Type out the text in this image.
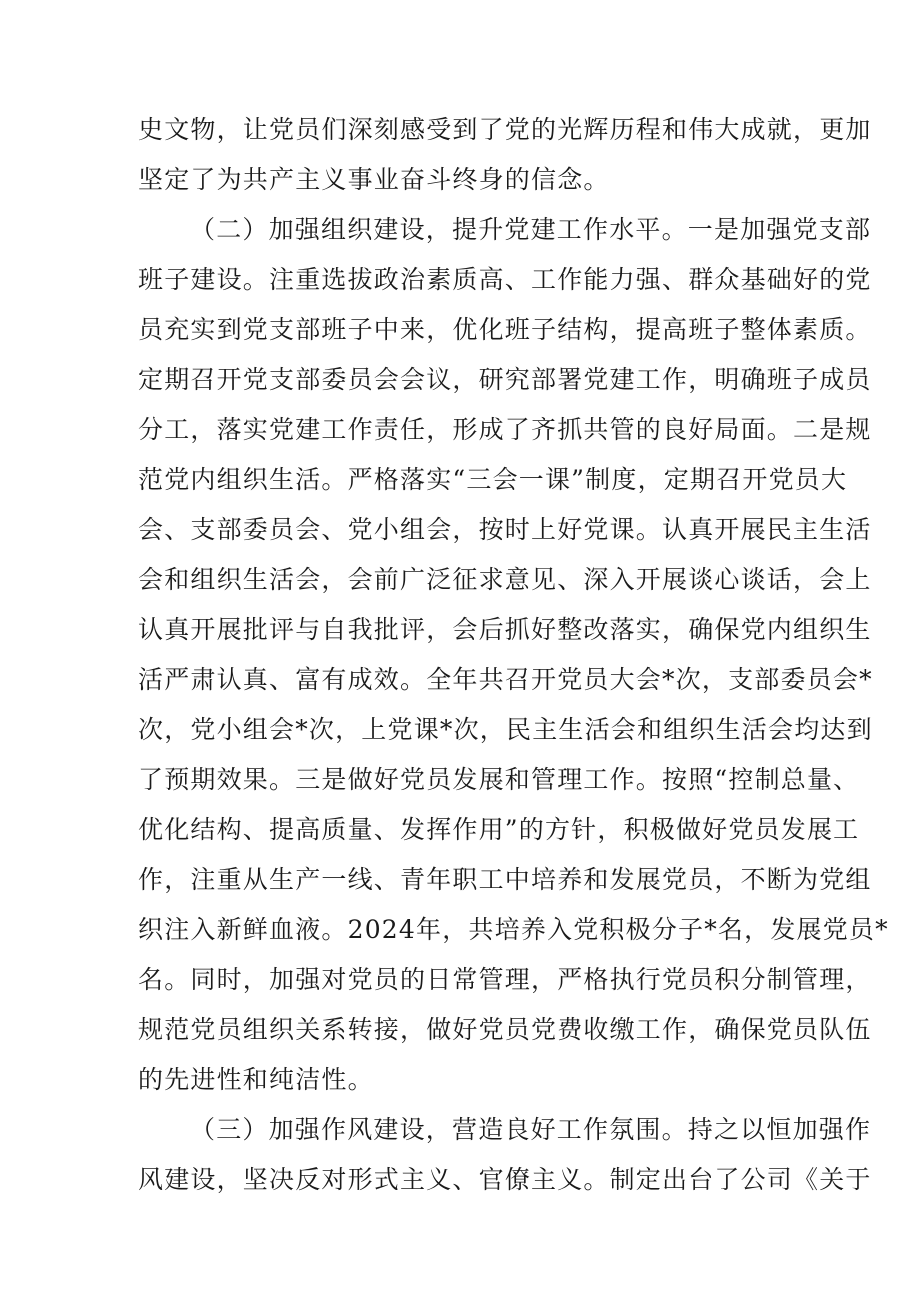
史文物，让党员们深刻感受到了党的光辉历程和伟大成就，更加
坚定了为共产主义事业奋斗终身的信念。
（二）加强组织建设，提升党建工作水平。一是加强党支部
班子建设。注重选拔政治素质高、工作能力强、群众基础好的党
员充实到党支部班子中来，优化班子结构，提高班子整体素质。
定期召开党支部委员会会议，研究部署党建工作，明确班子成员
分工，落实党建工作责任，形成了齐抓共管的良好局面。二是规
范党内组织生活。严格落实“三会一课”制度，定期召开党员大
会、支部委员会、党小组会，按时上好党课。认真开展民主生活
会和组织生活会，会前广泛征求意见、深入开展谈心谈话，会上
认真开展批评与自我批评，会后抓好整改落实，确保党内组织生
活严肃认真、富有成效。全年共召开党员大会*次，支部委员会*
次，党小组会*次，上党课*次，民主生活会和组织生活会均达到
了预期效果。三是做好党员发展和管理工作。按照“控制总量、
优化结构、提高质量、发挥作用”的方针，积极做好党员发展工
作，注重从生产一线、青年职工中培养和发展党员，不断为党组
织注入新鲜血液。2024年，共培养入党积极分子*名，发展党员*
名。同时，加强对党员的日常管理，严格执行党员积分制管理，
规范党员组织关系转接，做好党员党费收缴工作，确保党员队伍
的先进性和纯洁性。
（三）加强作风建设，营造良好工作氛围。持之以恒加强作
风建设，坚决反对形式主义、官僚主义。制定出台了公司《关于
